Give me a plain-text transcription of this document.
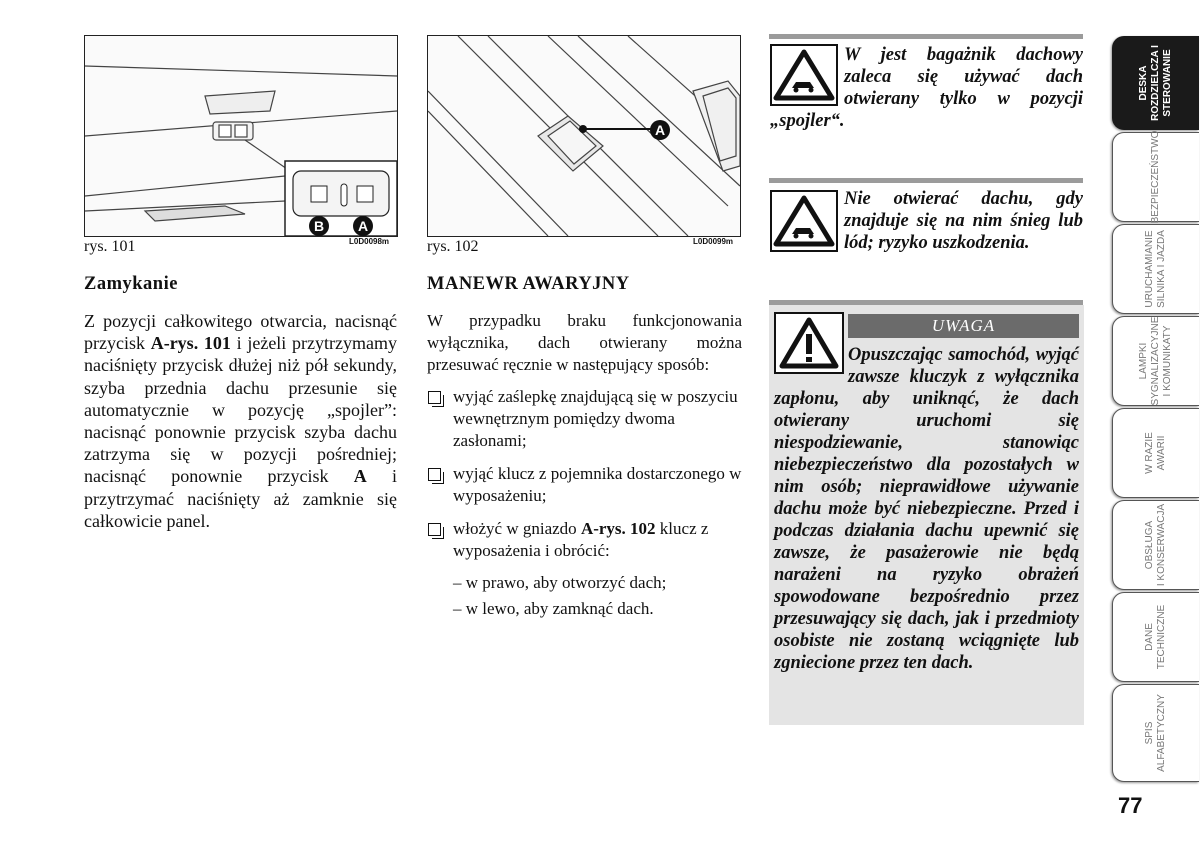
B	A
rys. 101	L0D0098m
A
rys. 102	L0D0099m
Zamykanie

Z pozycji całkowitego otwarcia, nacisnąć przycisk A-rys. 101 i jeżeli przytrzymamy naciśnięty przycisk dłużej niż pół sekundy, szyba przednia dachu przesunie się automatycznie w pozycję „spojler”: nacisnąć ponownie przycisk szyba dachu zatrzyma się w pozycji pośredniej; nacisnąć ponownie przycisk A i przytrzymać naciśnięty aż zamknie się całkowicie panel.

MANEWR AWARYJNY
W przypadku braku funkcjonowania wyłącznika, dach otwierany można przesuwać ręcznie w następujący sposób:
wyjąć zaślepkę znajdującą się w poszyciu wewnętrznym pomiędzy dwoma zasłonami;
wyjąć klucz z pojemnika dostarczonego w wyposażeniu;
włożyć w gniazdo A-rys. 102 klucz z wyposażenia i obrócić:
– w prawo, aby otworzyć dach;
– w lewo, aby zamknąć dach.
W jest bagażnik dachowy zaleca się używać dach otwierany tylko w pozycji „spojler“.
Nie otwierać dachu, gdy znajduje się na nim śnieg lub lód; ryzyko uszkodzenia.
UWAGA
Opuszczając samochód, wyjąć zawsze kluczyk z wyłącznika zapłonu, aby uniknąć, że dach otwierany uruchomi się niespodziewanie, stanowiąc niebezpieczeństwo dla pozostałych w nim osób; nieprawidłowe używanie dachu może być niebezpieczne. Przed i podczas działania dachu upewnić się zawsze, że pasażerowie nie będą narażeni na ryzyko obrażeń spowodowane bezpośrednio przez przesuwający się dach, jak i przedmioty osobiste nie zostaną wciągnięte lub zgniecione przez ten dach.
DESKA
ROZDZIELCZA I
STEROWANIE
BEZPIECZEŃSTWO
URUCHAMIANIE
SILNIKA I JAZDA
LAMPKI
SYGNALIZACYJNE
I KOMUNIKATY
W RAZIE
AWARII
OBSŁUGA
I KONSERWACJA
DANE
TECHNICZNE
SPIS
ALFABETYCZNY
77
